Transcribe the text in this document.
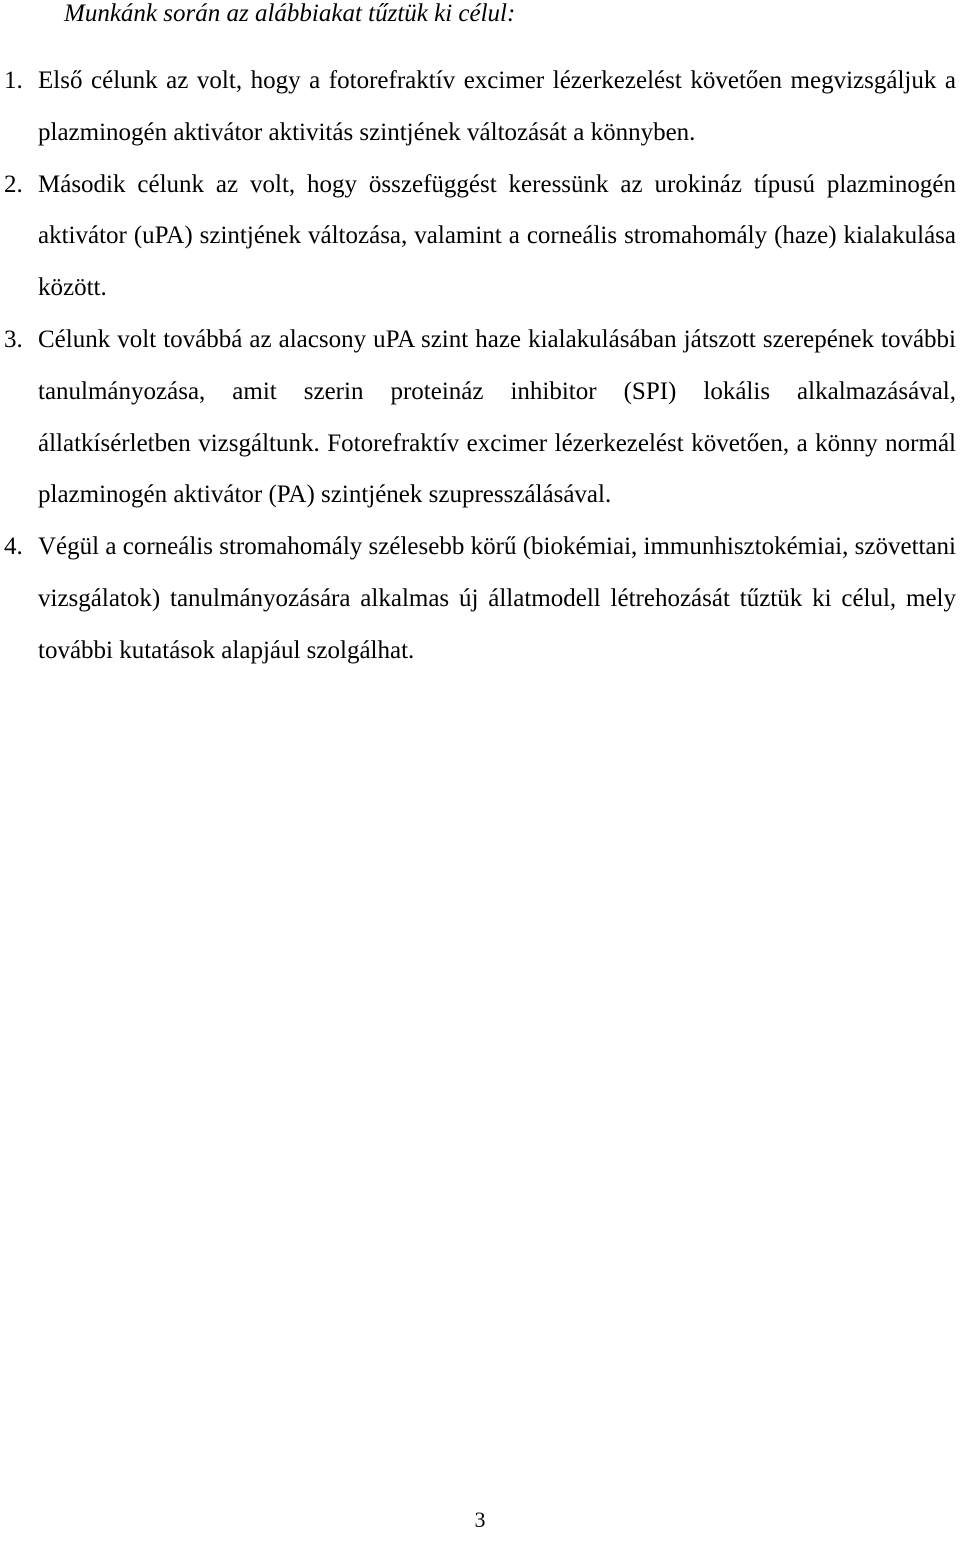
Munkánk során az alábbiakat tűztük ki célul:
1. Első célunk az volt, hogy a fotorefraktív excimer lézerkezelést követően megvizsgáljuk a plazminogén aktivátor aktivitás szintjének változását a könnyben.
2. Második célunk az volt, hogy összefüggést keressünk az urokináz típusú plazminogén aktivátor (uPA) szintjének változása, valamint a corneális stromahomály (haze) kialakulása között.
3. Célunk volt továbbá az alacsony uPA szint haze kialakulásában játszott szerepének további tanulmányozása, amit szerin proteináz inhibitor (SPI) lokális alkalmazásával, állatkísérletben vizsgáltunk. Fotorefraktív excimer lézerkezelést követően, a könny normál plazminogén aktivátor (PA) szintjének szupresszálásával.
4. Végül a corneális stromahomály szélesebb körű (biokémiai, immunhisztokémiai, szövettani vizsgálatok) tanulmányozására alkalmas új állatmodell létrehozását tűztük ki célul, mely további kutatások alapjául szolgálhat.
3
